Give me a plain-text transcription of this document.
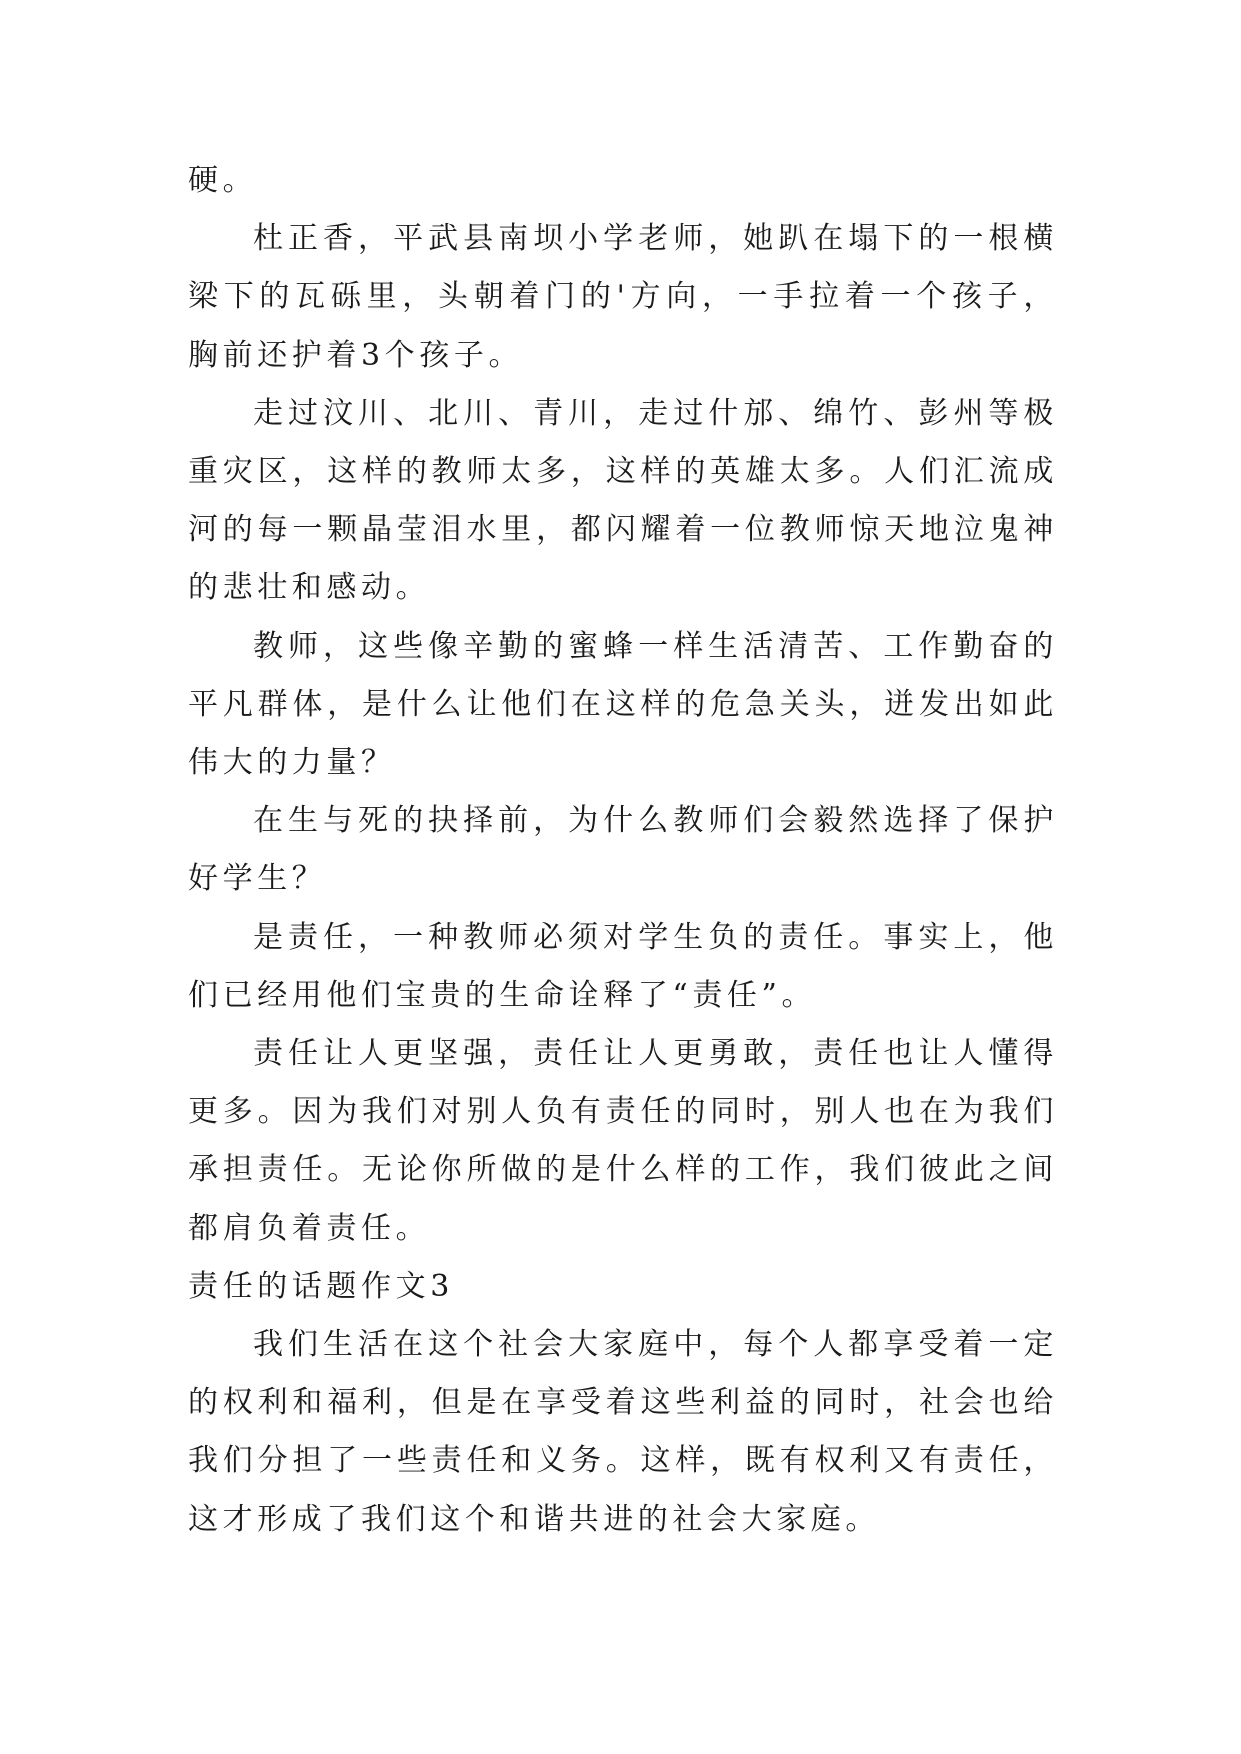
硬。

杜正香，平武县南坝小学老师，她趴在塌下的一根横梁下的瓦砾里，头朝着门的'方向，一手拉着一个孩子，胸前还护着3个孩子。

走过汶川、北川、青川，走过什邡、绵竹、彭州等极重灾区，这样的教师太多，这样的英雄太多。人们汇流成河的每一颗晶莹泪水里，都闪耀着一位教师惊天地泣鬼神的悲壮和感动。

教师，这些像辛勤的蜜蜂一样生活清苦、工作勤奋的平凡群体，是什么让他们在这样的危急关头，迸发出如此伟大的力量？

在生与死的抉择前，为什么教师们会毅然选择了保护好学生？

是责任，一种教师必须对学生负的责任。事实上，他们已经用他们宝贵的生命诠释了“责任”。

责任让人更坚强，责任让人更勇敢，责任也让人懂得更多。因为我们对别人负有责任的同时，别人也在为我们承担责任。无论你所做的是什么样的工作，我们彼此之间都肩负着责任。

责任的话题作文3

我们生活在这个社会大家庭中，每个人都享受着一定的权利和福利，但是在享受着这些利益的同时，社会也给我们分担了一些责任和义务。这样，既有权利又有责任，这才形成了我们这个和谐共进的社会大家庭。
